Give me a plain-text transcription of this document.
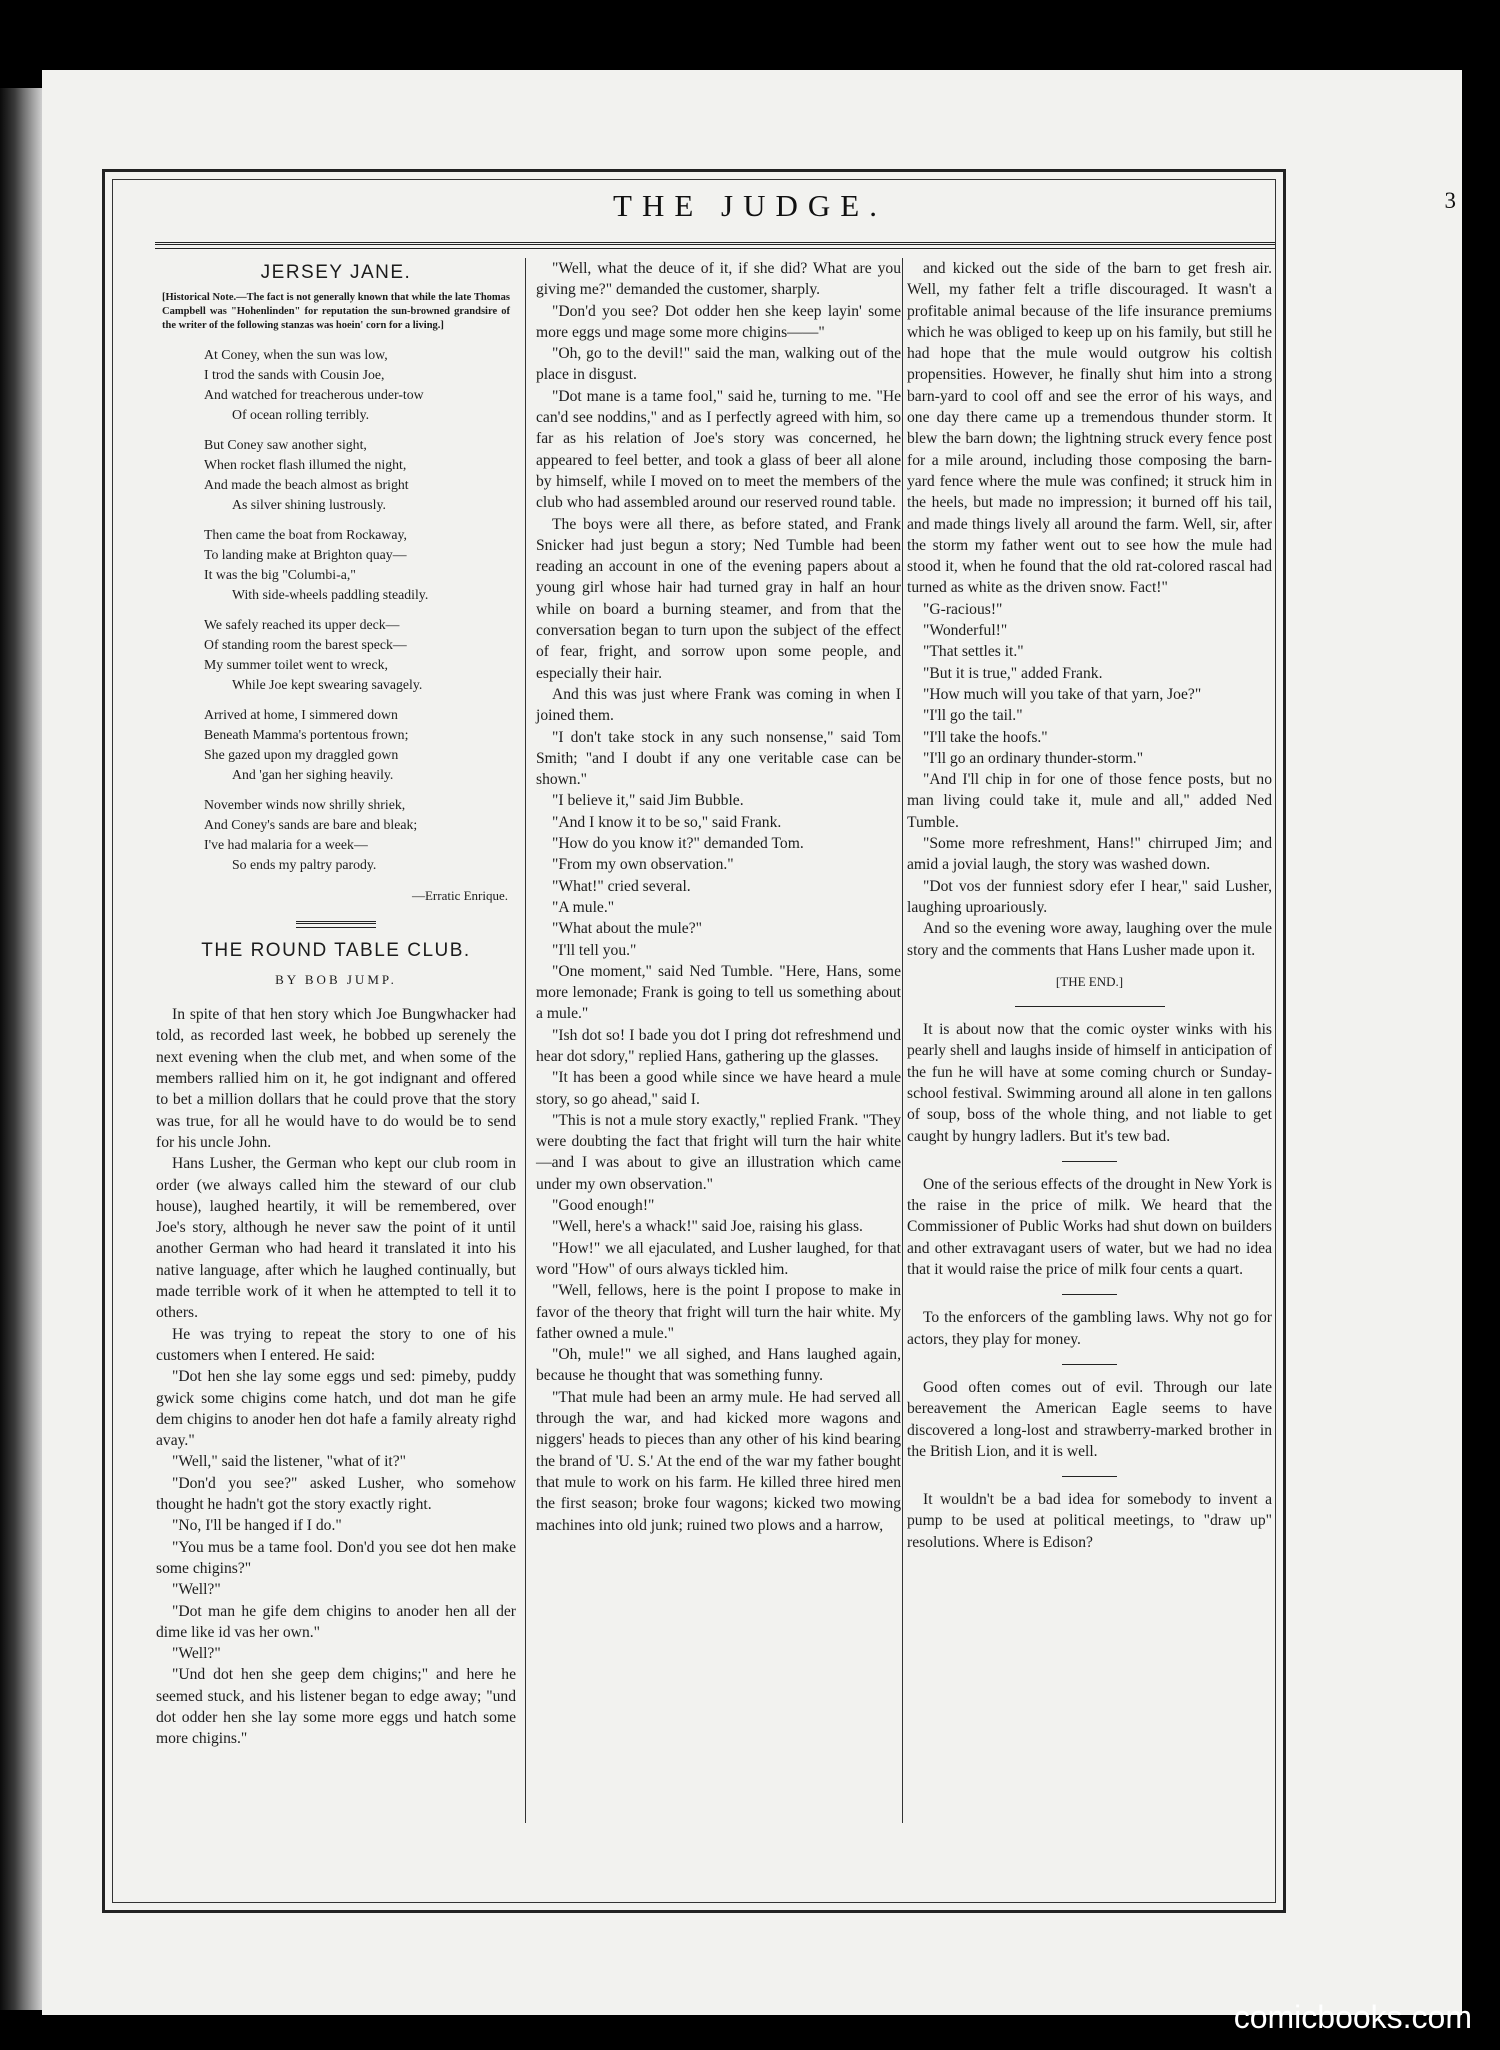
THE JUDGE.	3

JERSEY JANE.

[Historical Note.—The fact is not generally known that while the late Thomas Campbell was "Hohenlinden" for reputation the sun-browned grandsire of the writer of the following stanzas was hoein' corn for a living.]

At Coney, when the sun was low,
I trod the sands with Cousin Joe,
And watched for treacherous under-tow
Of ocean rolling terribly.
But Coney saw another sight,
When rocket flash illumed the night,
And made the beach almost as bright
As silver shining lustrously.
Then came the boat from Rockaway,
To landing make at Brighton quay—
It was the big "Columbi-a,"
With side-wheels paddling steadily.
We safely reached its upper deck—
Of standing room the barest speck—
My summer toilet went to wreck,
While Joe kept swearing savagely.
Arrived at home, I simmered down
Beneath Mamma's portentous frown;
She gazed upon my draggled gown
And 'gan her sighing heavily.
November winds now shrilly shriek,
And Coney's sands are bare and bleak;
I've had malaria for a week—
So ends my paltry parody.

—Erratic Enrique.

THE ROUND TABLE CLUB.

BY BOB JUMP.

In spite of that hen story which Joe Bungwhacker had told, as recorded last week, he bobbed up serenely the next evening when the club met, and when some of the members rallied him on it, he got indignant and offered to bet a million dollars that he could prove that the story was true, for all he would have to do would be to send for his uncle John.

Hans Lusher, the German who kept our club room in order (we always called him the steward of our club house), laughed heartily, it will be remembered, over Joe's story, although he never saw the point of it until another German who had heard it translated it into his native language, after which he laughed continually, but made terrible work of it when he attempted to tell it to others.

He was trying to repeat the story to one of his customers when I entered. He said:

"Dot hen she lay some eggs und sed: pimeby, puddy gwick some chigins come hatch, und dot man he gife dem chigins to anoder hen dot hafe a family alreaty righd avay."

"Well," said the listener, "what of it?"

"Don'd you see?" asked Lusher, who somehow thought he hadn't got the story exactly right.

"No, I'll be hanged if I do."

"You mus be a tame fool. Don'd you see dot hen make some chigins?"

"Well?"

"Dot man he gife dem chigins to anoder hen all der dime like id vas her own."

"Well?"

"Und dot hen she geep dem chigins;" and here he seemed stuck, and his listener began to edge away; "und dot odder hen she lay some more eggs und hatch some more chigins."

"Well, what the deuce of it, if she did? What are you giving me?" demanded the customer, sharply.

"Don'd you see? Dot odder hen she keep layin' some more eggs und mage some more chigins——"

"Oh, go to the devil!" said the man, walking out of the place in disgust.

"Dot mane is a tame fool," said he, turning to me. "He can'd see noddins," and as I perfectly agreed with him, so far as his relation of Joe's story was concerned, he appeared to feel better, and took a glass of beer all alone by himself, while I moved on to meet the members of the club who had assembled around our reserved round table.

The boys were all there, as before stated, and Frank Snicker had just begun a story; Ned Tumble had been reading an account in one of the evening papers about a young girl whose hair had turned gray in half an hour while on board a burning steamer, and from that the conversation began to turn upon the subject of the effect of fear, fright, and sorrow upon some people, and especially their hair.

And this was just where Frank was coming in when I joined them.

"I don't take stock in any such nonsense," said Tom Smith; "and I doubt if any one veritable case can be shown."

"I believe it," said Jim Bubble.

"And I know it to be so," said Frank.

"How do you know it?" demanded Tom.

"From my own observation."

"What!" cried several.

"A mule."

"What about the mule?"

"I'll tell you."

"One moment," said Ned Tumble. "Here, Hans, some more lemonade; Frank is going to tell us something about a mule."

"Ish dot so! I bade you dot I pring dot refreshmend und hear dot sdory," replied Hans, gathering up the glasses.

"It has been a good while since we have heard a mule story, so go ahead," said I.

"This is not a mule story exactly," replied Frank. "They were doubting the fact that fright will turn the hair white—and I was about to give an illustration which came under my own observation."

"Good enough!"

"Well, here's a whack!" said Joe, raising his glass.

"How!" we all ejaculated, and Lusher laughed, for that word "How" of ours always tickled him.

"Well, fellows, here is the point I propose to make in favor of the theory that fright will turn the hair white. My father owned a mule."

"Oh, mule!" we all sighed, and Hans laughed again, because he thought that was something funny.

"That mule had been an army mule. He had served all through the war, and had kicked more wagons and niggers' heads to pieces than any other of his kind bearing the brand of 'U. S.' At the end of the war my father bought that mule to work on his farm. He killed three hired men the first season; broke four wagons; kicked two mowing machines into old junk; ruined two plows and a harrow,

and kicked out the side of the barn to get fresh air. Well, my father felt a trifle discouraged. It wasn't a profitable animal because of the life insurance premiums which he was obliged to keep up on his family, but still he had hope that the mule would outgrow his coltish propensities. However, he finally shut him into a strong barn-yard to cool off and see the error of his ways, and one day there came up a tremendous thunder storm. It blew the barn down; the lightning struck every fence post for a mile around, including those composing the barn-yard fence where the mule was confined; it struck him in the heels, but made no impression; it burned off his tail, and made things lively all around the farm. Well, sir, after the storm my father went out to see how the mule had stood it, when he found that the old rat-colored rascal had turned as white as the driven snow. Fact!"

"G-racious!"

"Wonderful!"

"That settles it."

"But it is true," added Frank.

"How much will you take of that yarn, Joe?"

"I'll go the tail."

"I'll take the hoofs."

"I'll go an ordinary thunder-storm."

"And I'll chip in for one of those fence posts, but no man living could take it, mule and all," added Ned Tumble.

"Some more refreshment, Hans!" chirruped Jim; and amid a jovial laugh, the story was washed down.

"Dot vos der funniest sdory efer I hear," said Lusher, laughing uproariously.

And so the evening wore away, laughing over the mule story and the comments that Hans Lusher made upon it.

[THE END.]

It is about now that the comic oyster winks with his pearly shell and laughs inside of himself in anticipation of the fun he will have at some coming church or Sunday-school festival. Swimming around all alone in ten gallons of soup, boss of the whole thing, and not liable to get caught by hungry ladlers. But it's tew bad.

One of the serious effects of the drought in New York is the raise in the price of milk. We heard that the Commissioner of Public Works had shut down on builders and other extravagant users of water, but we had no idea that it would raise the price of milk four cents a quart.

To the enforcers of the gambling laws. Why not go for actors, they play for money.

Good often comes out of evil. Through our late bereavement the American Eagle seems to have discovered a long-lost and strawberry-marked brother in the British Lion, and it is well.

It wouldn't be a bad idea for somebody to invent a pump to be used at political meetings, to "draw up" resolutions. Where is Edison?

comicbooks.com
